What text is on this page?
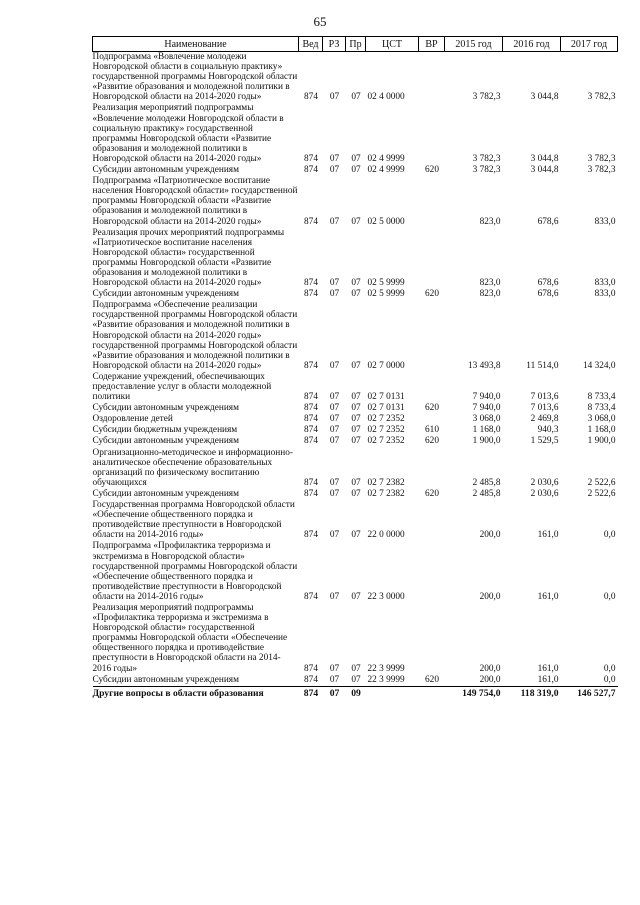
65
Наименование	Вед	РЗ	Пр	ЦСТ	ВР	2015 год	2016 год	2017 год
Подпрограмма «Вовлечение молодежи Новгородской области в социальную практику» государственной программы Новгородской области «Развитие образования и молодежной политики в Новгородской области на 2014-2020 годы»	874	07	07	02 4 0000		3 782,3	3 044,8	3 782,3
Реализация мероприятий подпрограммы «Вовлечение молодежи Новгородской области в социальную практику» государственной программы Новгородской области «Развитие образования и молодежной политики в Новгородской области на 2014-2020 годы»	874	07	07	02 4 9999		3 782,3	3 044,8	3 782,3
Субсидии автономным учреждениям	874	07	07	02 4 9999	620	3 782,3	3 044,8	3 782,3
Подпрограмма «Патриотическое воспитание населения Новгородской области» государственной программы Новгородской области «Развитие образования и молодежной политики в Новгородской области на 2014-2020 годы»	874	07	07	02 5 0000		823,0	678,6	833,0
Реализация прочих мероприятий подпрограммы «Патриотическое воспитание населения Новгородской области» государственной программы Новгородской области «Развитие образования и молодежной политики в Новгородской области на 2014-2020 годы»	874	07	07	02 5 9999		823,0	678,6	833,0
Субсидии автономным учреждениям	874	07	07	02 5 9999	620	823,0	678,6	833,0
Подпрограмма «Обеспечение реализации государственной программы Новгородской области «Развитие образования и молодежной политики в Новгородской области на 2014-2020 годы» государственной программы Новгородской области «Развитие образования и молодежной политики в Новгородской области на 2014-2020 годы»	874	07	07	02 7 0000		13 493,8	11 514,0	14 324,0
Содержание учреждений, обеспечивающих предоставление услуг в области молодежной политики	874	07	07	02 7 0131		7 940,0	7 013,6	8 733,4
Субсидии автономным учреждениям	874	07	07	02 7 0131	620	7 940,0	7 013,6	8 733,4
Оздоровление детей	874	07	07	02 7 2352		3 068,0	2 469,8	3 068,0
Субсидии бюджетным учреждениям	874	07	07	02 7 2352	610	1 168,0	940,3	1 168,0
Субсидии автономным учреждениям	874	07	07	02 7 2352	620	1 900,0	1 529,5	1 900,0
Организационно-методическое и информационно-аналитическое обеспечение образовательных организаций по физическому воспитанию обучающихся	874	07	07	02 7 2382		2 485,8	2 030,6	2 522,6
Субсидии автономным учреждениям	874	07	07	02 7 2382	620	2 485,8	2 030,6	2 522,6
Государственная программа Новгородской области «Обеспечение общественного порядка и противодействие преступности в Новгородской области на 2014-2016 годы»	874	07	07	22 0 0000		200,0	161,0	0,0
Подпрограмма «Профилактика терроризма и экстремизма в Новгородской области» государственной программы Новгородской области «Обеспечение общественного порядка и противодействие преступности в Новгородской области на 2014-2016 годы»	874	07	07	22 3 0000		200,0	161,0	0,0
Реализация мероприятий подпрограммы «Профилактика терроризма и экстремизма в Новгородской области» государственной программы Новгородской области «Обеспечение общественного порядка и противодействие преступности в Новгородской области на 2014-2016 годы»	874	07	07	22 3 9999		200,0	161,0	0,0
Субсидии автономным учреждениям	874	07	07	22 3 9999	620	200,0	161,0	0,0
Другие вопросы в области образования	874	07	09			149 754,0	118 319,0	146 527,7
